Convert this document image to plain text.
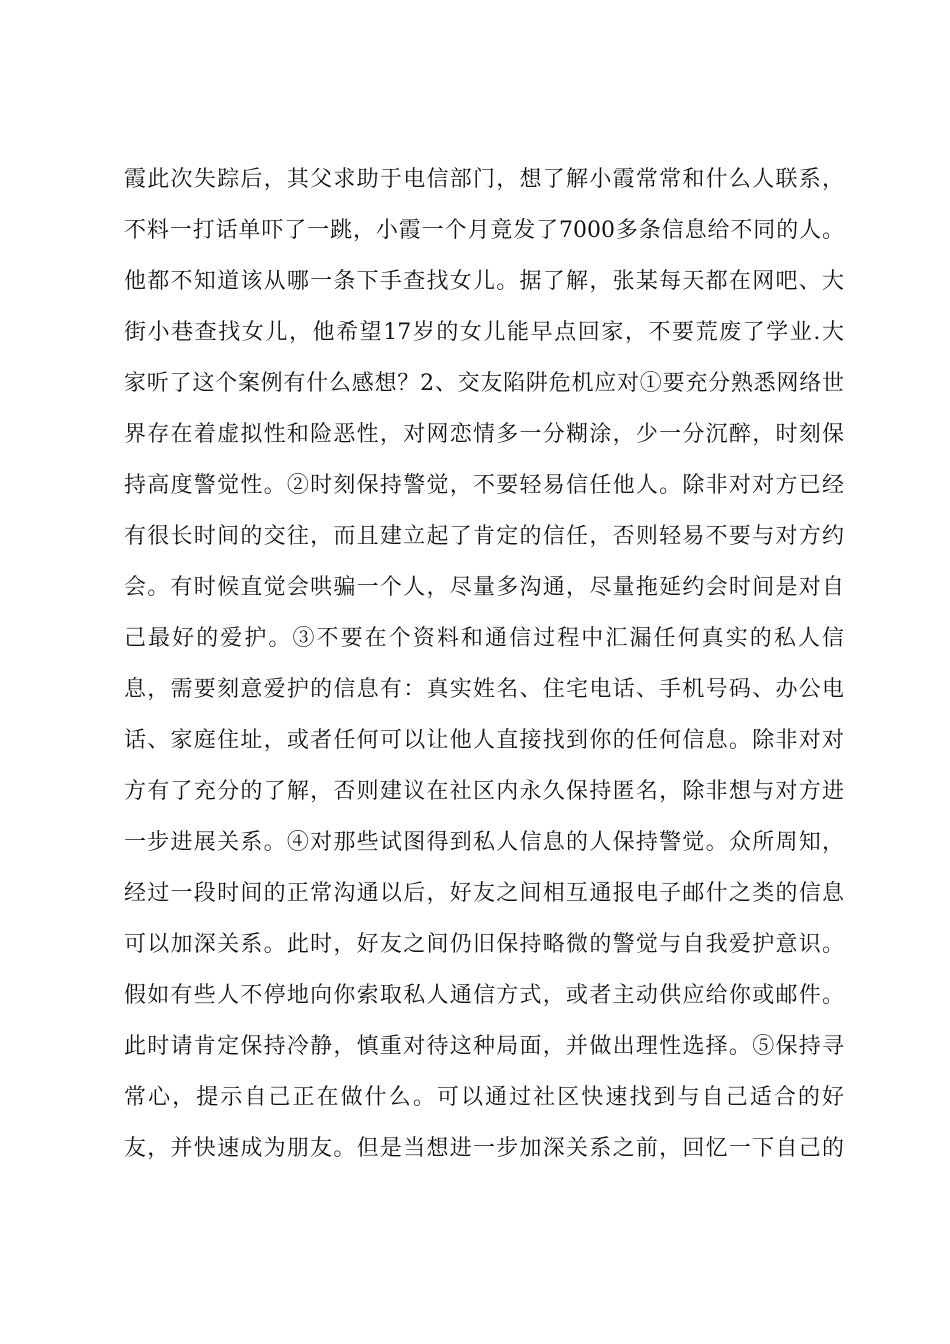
霞此次失踪后，其父求助于电信部门，想了解小霞常常和什么人联系，
不料一打话单吓了一跳，小霞一个月竟发了7000多条信息给不同的人。
他都不知道该从哪一条下手查找女儿。据了解，张某每天都在网吧、大
街小巷查找女儿，他希望17岁的女儿能早点回家，不要荒废了学业.大
家听了这个案例有什么感想？2、交友陷阱危机应对①要充分熟悉网络世
界存在着虚拟性和险恶性，对网恋情多一分糊涂，少一分沉醉，时刻保
持高度警觉性。②时刻保持警觉，不要轻易信任他人。除非对对方已经
有很长时间的交往，而且建立起了肯定的信任，否则轻易不要与对方约
会。有时候直觉会哄骗一个人，尽量多沟通，尽量拖延约会时间是对自
己最好的爱护。③不要在个资料和通信过程中汇漏任何真实的私人信
息，需要刻意爱护的信息有：真实姓名、住宅电话、手机号码、办公电
话、家庭住址，或者任何可以让他人直接找到你的任何信息。除非对对
方有了充分的了解，否则建议在社区内永久保持匿名，除非想与对方进
一步进展关系。④对那些试图得到私人信息的人保持警觉。众所周知，
经过一段时间的正常沟通以后，好友之间相互通报电子邮什之类的信息
可以加深关系。此时，好友之间仍旧保持略微的警觉与自我爱护意识。
假如有些人不停地向你索取私人通信方式，或者主动供应给你或邮件。
此时请肯定保持冷静，慎重对待这种局面，并做出理性选择。⑤保持寻
常心，提示自己正在做什么。可以通过社区快速找到与自己适合的好
友，并快速成为朋友。但是当想进一步加深关系之前，回忆一下自己的
